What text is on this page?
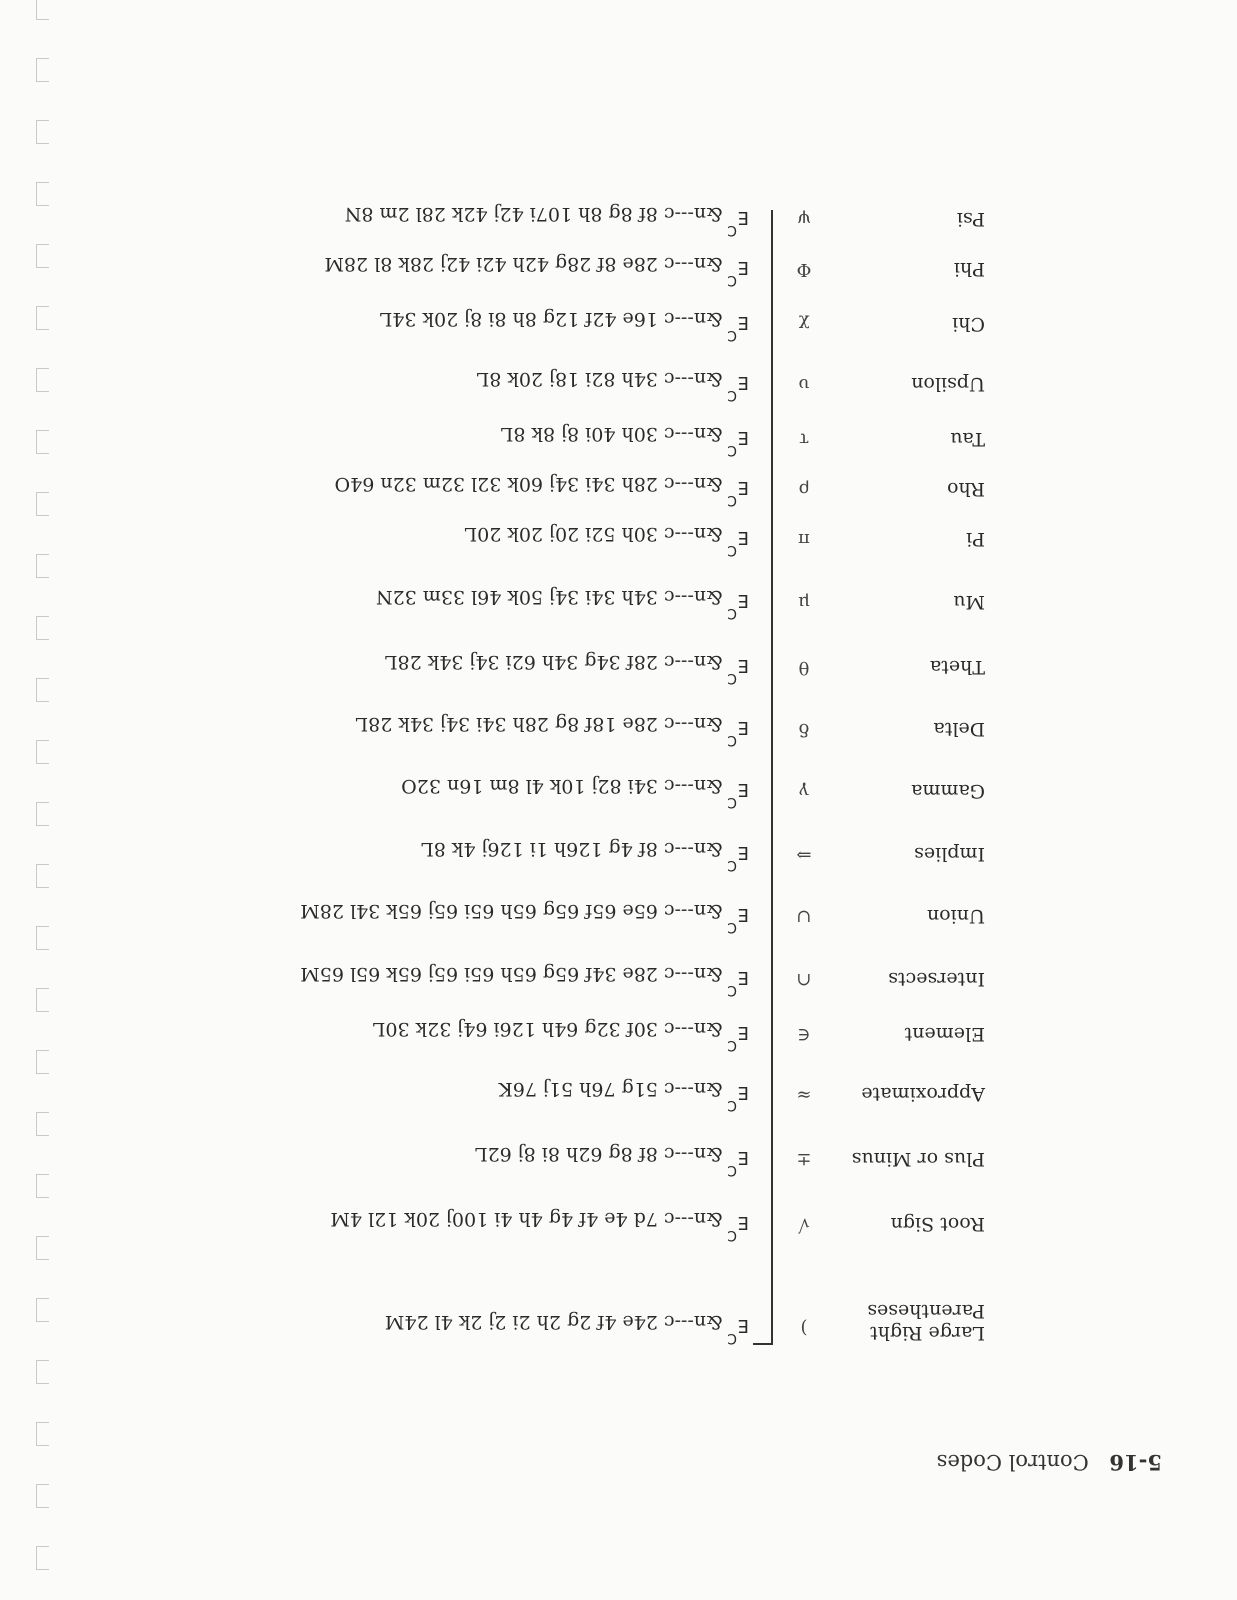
5-16 Control Codes
Large Right Parentheses
)
E
C
&n---c 24e 4f 2g 2h 2i 2j 2k 4l 24M
Root Sign
√
E
C
&n---c 7d 4e 4f 4g 4h 4i 100j 20k 12l 4M
Plus or Minus
±
E
C
&n---c 8f 8g 62h 8i 8j 62L
Approximate
≈
E
C
&n---c 51g 76h 51j 76K
Element
∈
E
C
&n---c 30f 32g 64h 126i 64j 32k 30L
Intersects
∩
E
C
&n---c 28e 34f 65g 65h 65i 65j 65k 65l 65M
Union
∪
E
C
&n---c 65e 65f 65g 65h 65i 65j 65k 34l 28M
Implies
⇒
E
C
&n---c 8f 4g 126h 1i 126j 4k 8L
Gamma
γ
E
C
&n---c 34i 82j 10k 4l 8m 16n 32O
Delta
δ
E
C
&n---c 28e 18f 8g 28h 34i 34j 34k 28L
Theta
θ
E
C
&n---c 28f 34g 34h 62i 34j 34k 28L
Mu
μ
E
C
&n---c 34h 34i 34j 50k 46l 33m 32N
Pi
π
E
C
&n---c 30h 52i 20j 20k 20L
Rho
ρ
E
C
&n---c 28h 34i 34j 60k 32l 32m 32n 64O
Tau
τ
E
C
&n---c 30h 40i 8j 8k 8L
Upsilon
υ
E
C
&n---c 34h 82i 18j 20k 8L
Chi
χ
E
C
&n---c 16e 42f 12g 8h 8i 8j 20k 34L
Phi
Φ
E
C
&n---c 28e 8f 28g 42h 42i 42j 28k 8l 28M
Psi
ψ
E
C
&n---c 8f 8g 8h 107i 42j 42k 28l 2m 8N
